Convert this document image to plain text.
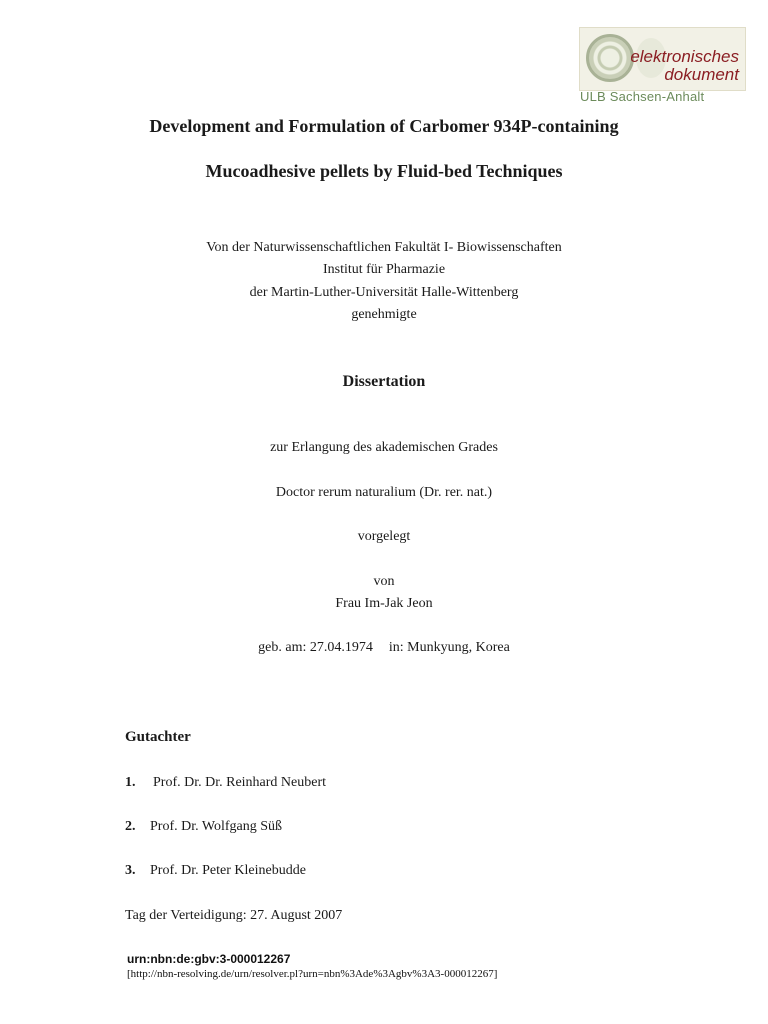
elektronisches
dokument
ULB Sachsen-Anhalt
Development and Formulation of Carbomer 934P-containing
Mucoadhesive pellets by Fluid-bed Techniques
Von der Naturwissenschaftlichen Fakultät I- Biowissenschaften
Institut für Pharmazie
der Martin-Luther-Universität Halle-Wittenberg
genehmigte
Dissertation
zur Erlangung des akademischen Grades
Doctor rerum naturalium (Dr. rer. nat.)
vorgelegt
von
Frau Im-Jak Jeon
geb. am: 27.04.1974 in: Munkyung, Korea
Gutachter
1. Prof. Dr. Dr. Reinhard Neubert
2. Prof. Dr. Wolfgang Süß
3. Prof. Dr. Peter Kleinebudde
Tag der Verteidigung: 27. August 2007
urn:nbn:de:gbv:3-000012267
[http://nbn-resolving.de/urn/resolver.pl?urn=nbn%3Ade%3Agbv%3A3-000012267]
